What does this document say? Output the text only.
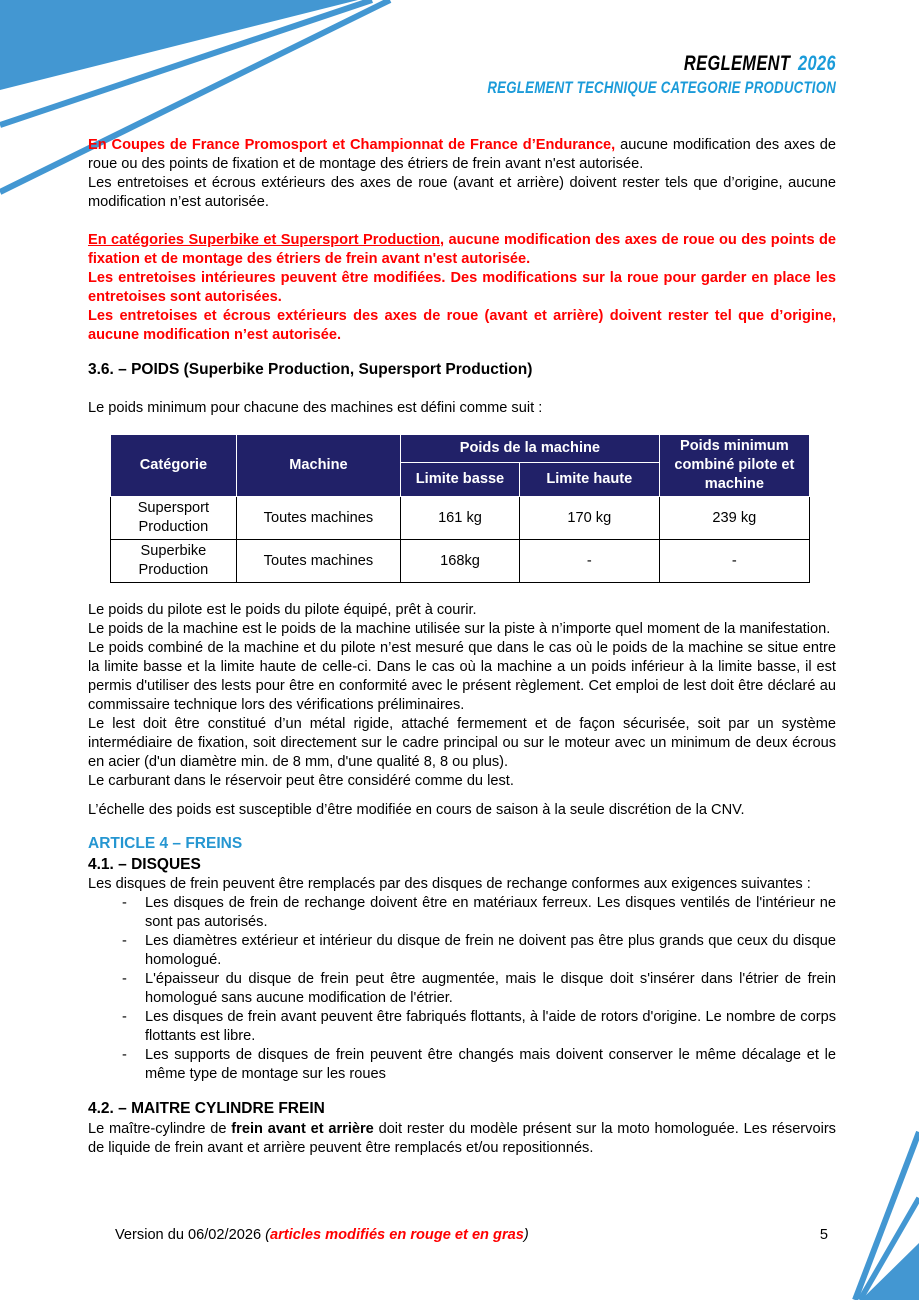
REGLEMENT 2026
REGLEMENT TECHNIQUE CATEGORIE PRODUCTION

En Coupes de France Promosport et Championnat de France d’Endurance, aucune modification des axes de roue ou des points de fixation et de montage des étriers de frein avant n'est autorisée.

Les entretoises et écrous extérieurs des axes de roue (avant et arrière) doivent rester tels que d’origine, aucune modification n’est autorisée.

En catégories Superbike et Supersport Production, aucune modification des axes de roue ou des points de fixation et de montage des étriers de frein avant n'est autorisée.

Les entretoises intérieures peuvent être modifiées. Des modifications sur la roue pour garder en place les entretoises sont autorisées.

Les entretoises et écrous extérieurs des axes de roue (avant et arrière) doivent rester tel que d’origine, aucune modification n’est autorisée.

3.6. – POIDS (Superbike Production, Supersport Production)

Le poids minimum pour chacune des machines est défini comme suit :

Catégorie	Machine	Poids de la machine		Poids minimum combiné pilote et machine
		Limite basse	Limite haute	
Supersport Production	Toutes machines	161 kg	170 kg	239 kg
Superbike Production	Toutes machines	168kg	-	-

Le poids du pilote est le poids du pilote équipé, prêt à courir.

Le poids de la machine est le poids de la machine utilisée sur la piste à n’importe quel moment de la manifestation.

Le poids combiné de la machine et du pilote n’est mesuré que dans le cas où le poids de la machine se situe entre la limite basse et la limite haute de celle-ci. Dans le cas où la machine a un poids inférieur à la limite basse, il est permis d'utiliser des lests pour être en conformité avec le présent règlement. Cet emploi de lest doit être déclaré au commissaire technique lors des vérifications préliminaires.

Le lest doit être constitué d’un métal rigide, attaché fermement et de façon sécurisée, soit par un système intermédiaire de fixation, soit directement sur le cadre principal ou sur le moteur avec un minimum de deux écrous en acier (d'un diamètre min. de 8 mm, d'une qualité 8, 8 ou plus).

Le carburant dans le réservoir peut être considéré comme du lest.

L’échelle des poids est susceptible d’être modifiée en cours de saison à la seule discrétion de la CNV.

ARTICLE 4 – FREINS

4.1. – DISQUES

Les disques de frein peuvent être remplacés par des disques de rechange conformes aux exigences suivantes :

-	Les disques de frein de rechange doivent être en matériaux ferreux. Les disques ventilés de l'intérieur ne sont pas autorisés.
-	Les diamètres extérieur et intérieur du disque de frein ne doivent pas être plus grands que ceux du disque homologué.
-	L'épaisseur du disque de frein peut être augmentée, mais le disque doit s'insérer dans l'étrier de frein homologué sans aucune modification de l'étrier.
-	Les disques de frein avant peuvent être fabriqués flottants, à l'aide de rotors d'origine. Le nombre de corps flottants est libre.
-	Les supports de disques de frein peuvent être changés mais doivent conserver le même décalage et le même type de montage sur les roues

4.2. – MAITRE CYLINDRE FREIN

Le maître-cylindre de frein avant et arrière doit rester du modèle présent sur la moto homologuée. Les réservoirs de liquide de frein avant et arrière peuvent être remplacés et/ou repositionnés.

Version du 06/02/2026 (articles modifiés en rouge et en gras)	5
